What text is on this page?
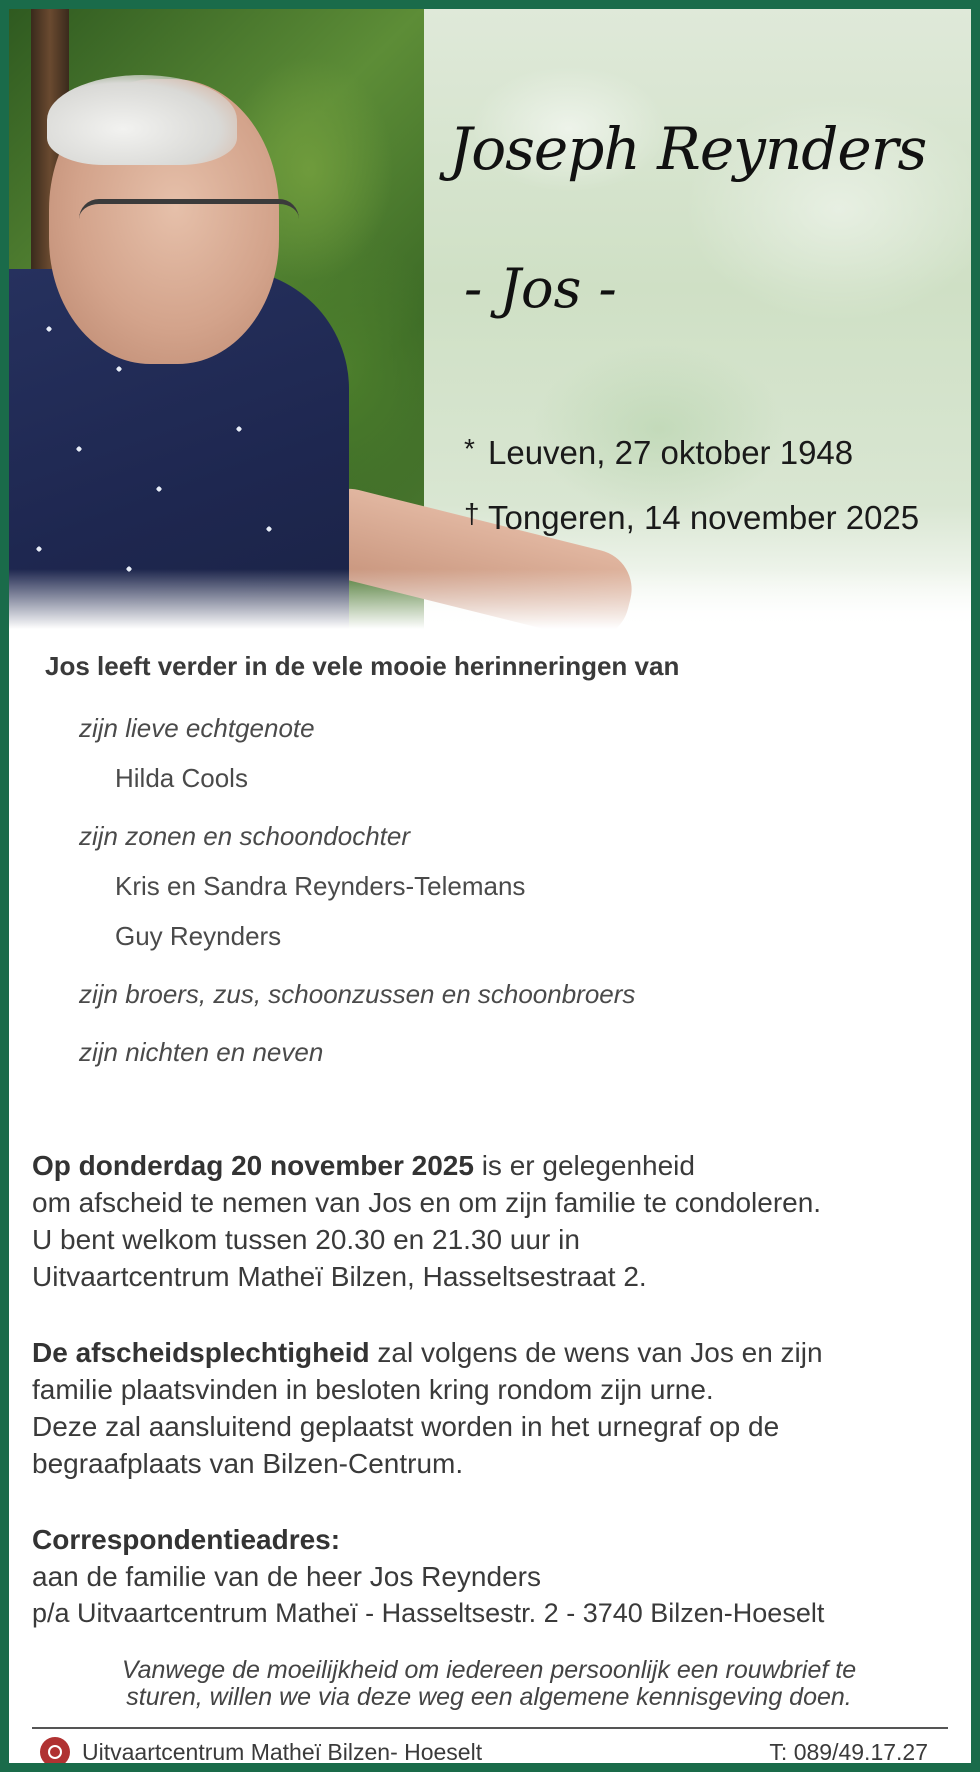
Joseph Reynders

- Jos -

* Leuven, 27 oktober 1948

† Tongeren, 14 november 2025

Jos leeft verder in de vele mooie herinneringen van

zijn lieve echtgenote

Hilda Cools

zijn zonen en schoondochter

Kris en Sandra Reynders-Telemans

Guy Reynders

zijn broers, zus, schoonzussen en schoonbroers

zijn nichten en neven

Op donderdag 20 november 2025 is er gelegenheid
om afscheid te nemen van Jos en om zijn familie te condoleren.
U bent welkom tussen 20.30 en 21.30 uur in
Uitvaartcentrum Matheï Bilzen, Hasseltsestraat 2.
De afscheidsplechtigheid zal volgens de wens van Jos en zijn
familie plaatsvinden in besloten kring rondom zijn urne.
Deze zal aansluitend geplaatst worden in het urnegraf op de
begraafplaats van Bilzen-Centrum.
Correspondentieadres:
aan de familie van de heer Jos Reynders
p/a Uitvaartcentrum Matheï - Hasseltsestr. 2 - 3740 Bilzen-Hoeselt
Vanwege de moeilijkheid om iedereen persoonlijk een rouwbrief te
sturen, willen we via deze weg een algemene kennisgeving doen.
Uitvaartcentrum Matheï Bilzen- Hoeselt	T: 089/49.17.27
